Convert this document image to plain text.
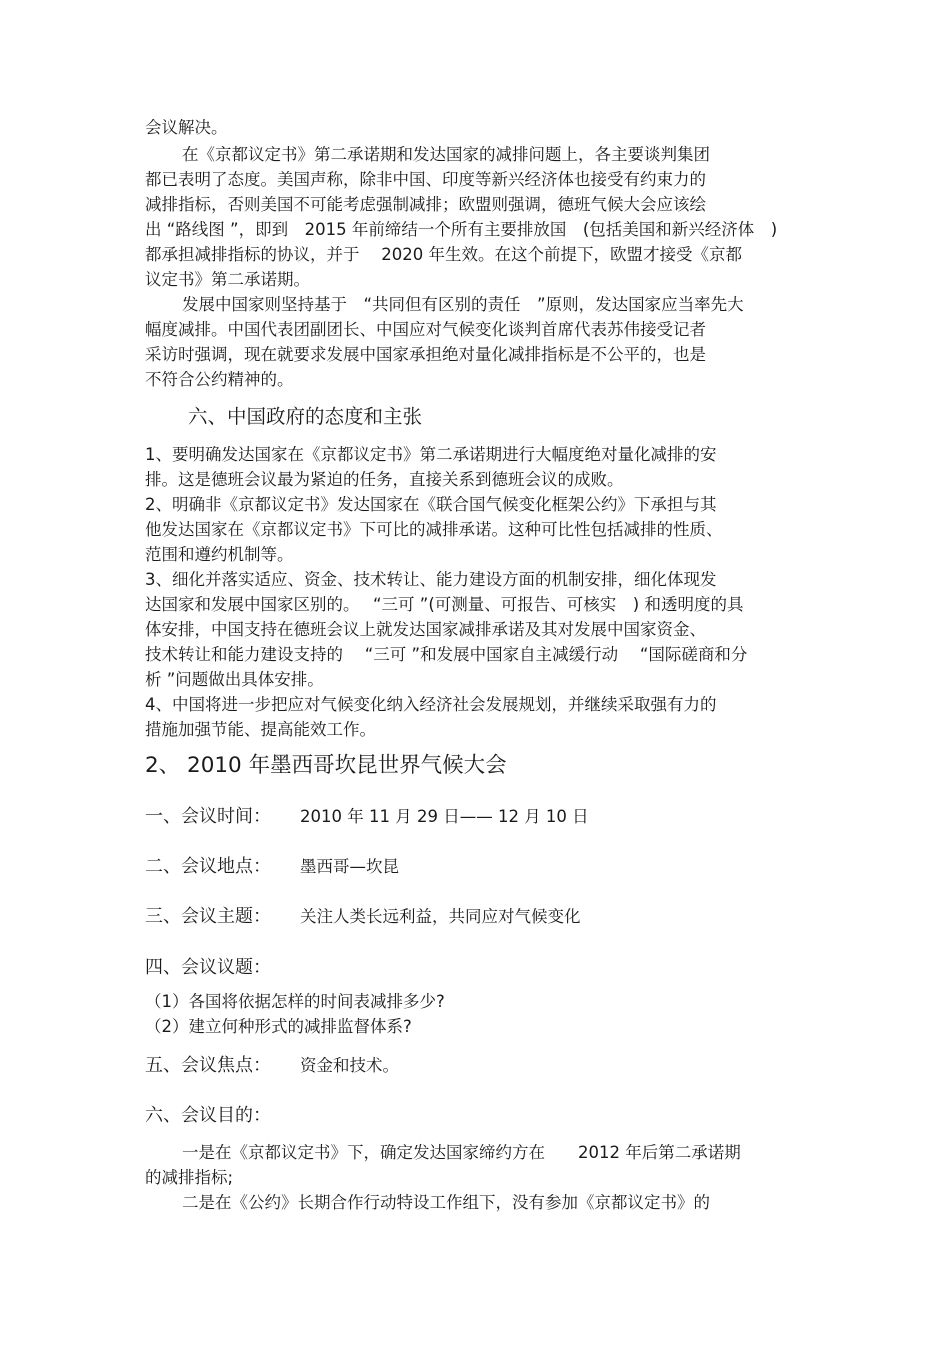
会议解决。
在《京都议定书》第二承诺期和发达国家的减排问题上，各主要谈判集团
都已表明了态度。美国声称，除非中国、印度等新兴经济体也接受有约束力的
减排指标，否则美国不可能考虑强制减排；欧盟则强调，德班气候大会应该绘
出 “路线图 ”，即到　2015 年前缔结一个所有主要排放国　(包括美国和新兴经济体　)
都承担减排指标的协议，并于　 2020 年生效。在这个前提下，欧盟才接受《京都
议定书》第二承诺期。
发展中国家则坚持基于　“共同但有区别的责任　”原则，发达国家应当率先大
幅度减排。中国代表团副团长、中国应对气候变化谈判首席代表苏伟接受记者
采访时强调，现在就要求发展中国家承担绝对量化减排指标是不公平的，也是
不符合公约精神的。
六、中国政府的态度和主张
1、要明确发达国家在《京都议定书》第二承诺期进行大幅度绝对量化减排的安
排。这是德班会议最为紧迫的任务，直接关系到德班会议的成败。
2、明确非《京都议定书》发达国家在《联合国气候变化框架公约》下承担与其
他发达国家在《京都议定书》下可比的减排承诺。这种可比性包括减排的性质、
范围和遵约机制等。
3、细化并落实适应、资金、技术转让、能力建设方面的机制安排，细化体现发
达国家和发展中国家区别的。　 “三可 ”(可测量、可报告、可核实　) 和透明度的具
体安排，中国支持在德班会议上就发达国家减排承诺及其对发展中国家资金、
技术转让和能力建设支持的　 “三可 ”和发展中国家自主减缓行动　 “国际磋商和分
析 ”问题做出具体安排。
4、中国将进一步把应对气候变化纳入经济社会发展规划，并继续采取强有力的
措施加强节能、提高能效工作。
2、 2010 年墨西哥坎昆世界气候大会
一、会议时间： 2010 年 11 月 29 日—— 12 月 10 日
二、会议地点： 墨西哥—坎昆
三、会议主题： 关注人类长远利益，共同应对气候变化
四、会议议题：
（1）各国将依据怎样的时间表减排多少?
（2）建立何种形式的减排监督体系?
五、会议焦点： 资金和技术。
六、会议目的：
一是在《京都议定书》下，确定发达国家缔约方在　　2012 年后第二承诺期
的减排指标;
二是在《公约》长期合作行动特设工作组下，没有参加《京都议定书》的
